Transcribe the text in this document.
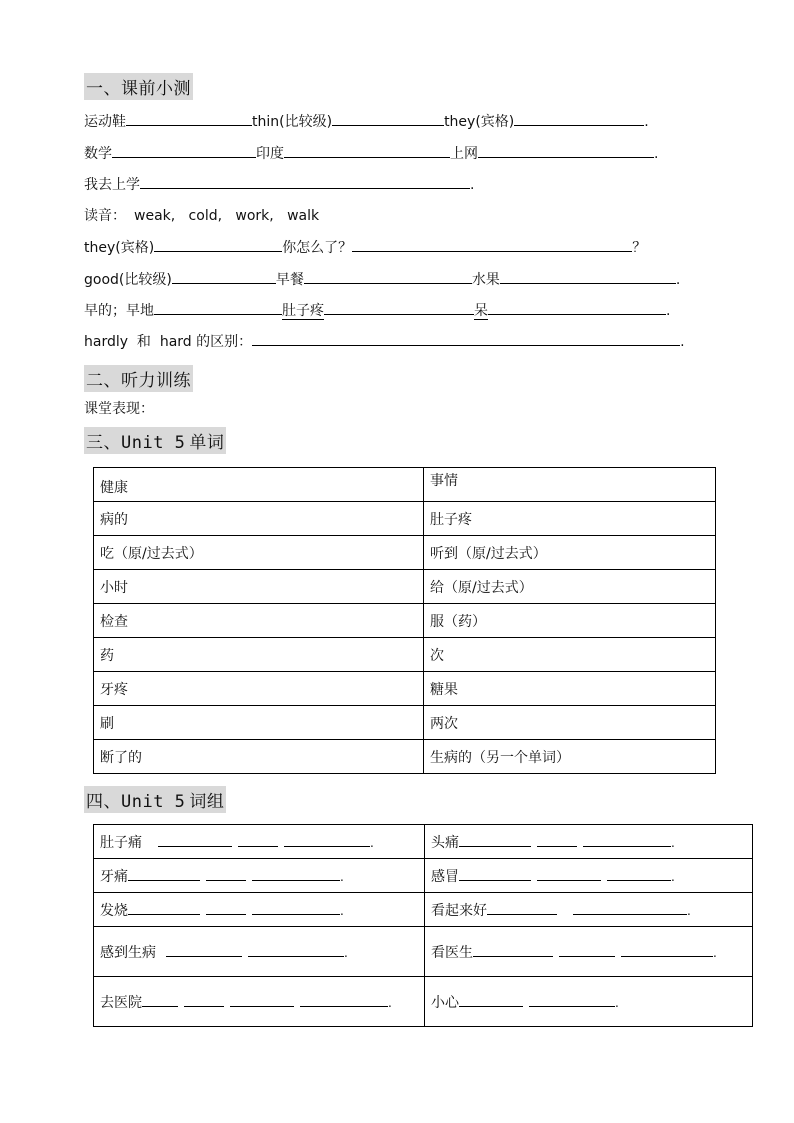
一、课前小测
运动鞋	thin(比较级)	they(宾格)	.
数学	印度	上网	.
我去上学	.
读音： weak,   cold,   work,   walk
they(宾格)	你怎么了？	？
good(比较级)	早餐	水果	.
早的；早地	肚子疼	呆	.
hardly  和  hard 的区别：	.
二、听力训练
课堂表现：
三、Unit 5 单词
健康	事情
病的	肚子疼
吃（原/过去式）	听到（原/过去式）
小时	给（原/过去式）
检查	服（药）
药	次
牙疼	糖果
刷	两次
断了的	生病的（另一个单词）
四、Unit 5 词组
肚子痛 .	头痛 .
牙痛 .	感冒 .
发烧 .	看起来好 .
感到生病 .	看医生 .
去医院 .	小心 .
